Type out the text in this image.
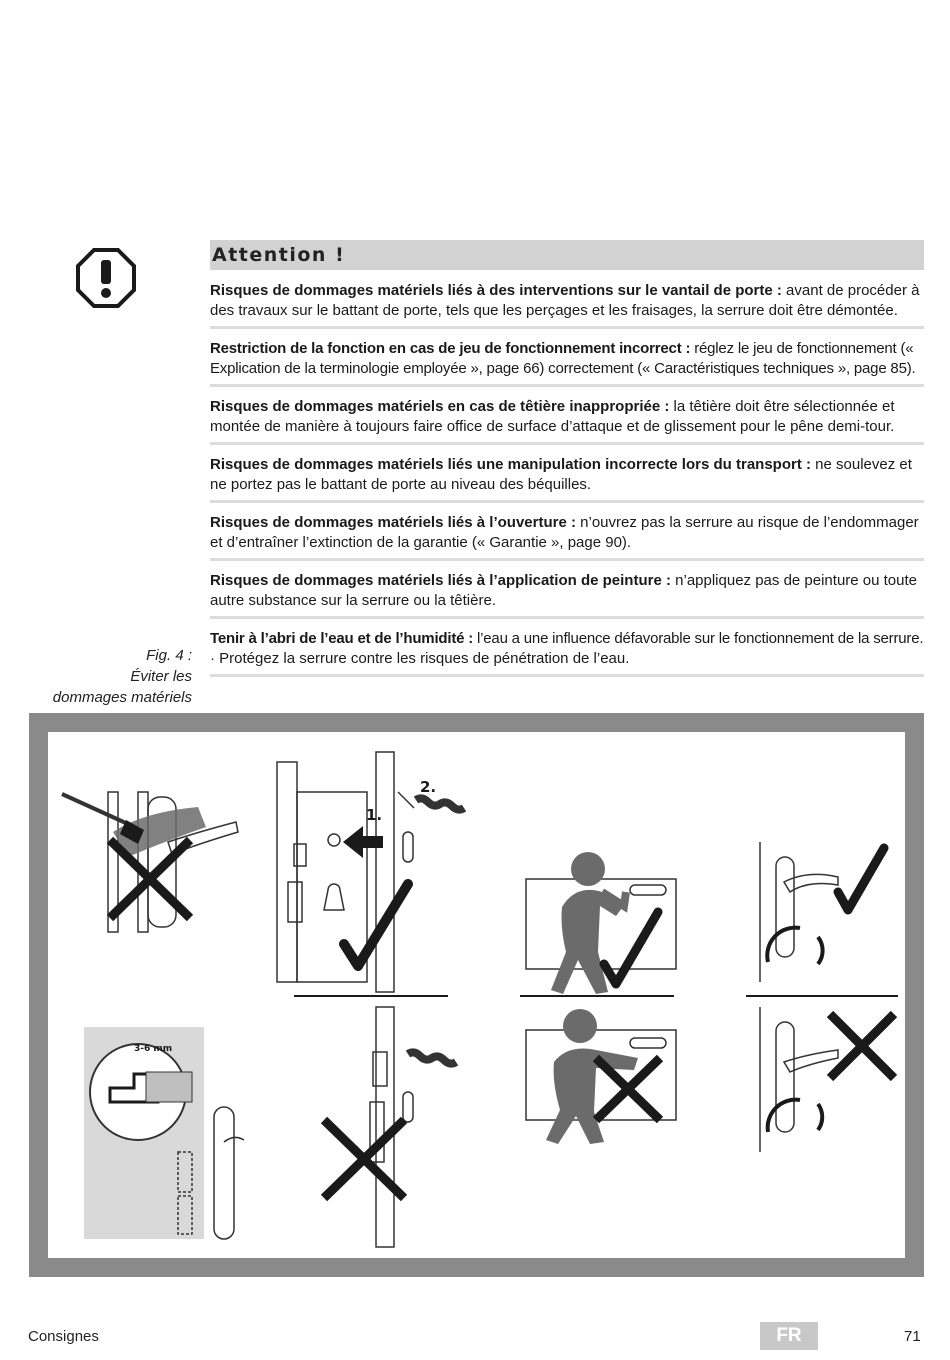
Attention !

Risques de dommages matériels liés à des interventions sur le vantail de porte : avant de procéder à des travaux sur le battant de porte, tels que les perçages et les fraisages, la serrure doit être démontée.

Restriction de la fonction en cas de jeu de fonctionnement incorrect : réglez le jeu de fonctionnement (« Explication de la terminologie employée », page 66) correctement (« Caractéristiques techniques », page 85).

Risques de dommages matériels en cas de têtière inappropriée : la têtière doit être sélectionnée et montée de manière à toujours faire office de surface d’attaque et de glissement pour le pêne demi-tour.

Risques de dommages matériels liés une manipulation incorrecte lors du transport : ne soulevez et ne portez pas le battant de porte au niveau des béquilles.

Risques de dommages matériels liés à l’ouverture : n’ouvrez pas la serrure au risque de l’endommager et d’entraîner l’extinction de la garantie (« Garantie », page 90).

Risques de dommages matériels liés à l’application de peinture : n’appliquez pas de peinture ou toute autre substance sur la serrure ou la têtière.

Tenir à l’abri de l’eau et de l’humidité : l’eau a une influence défavorable sur le fonctionnement de la serrure.

· Protégez la serrure contre les risques de pénétration de l’eau.

Fig. 4 :
Éviter les
dommages matériels
1.
2.
3-6 mm
Consignes	FR	71
